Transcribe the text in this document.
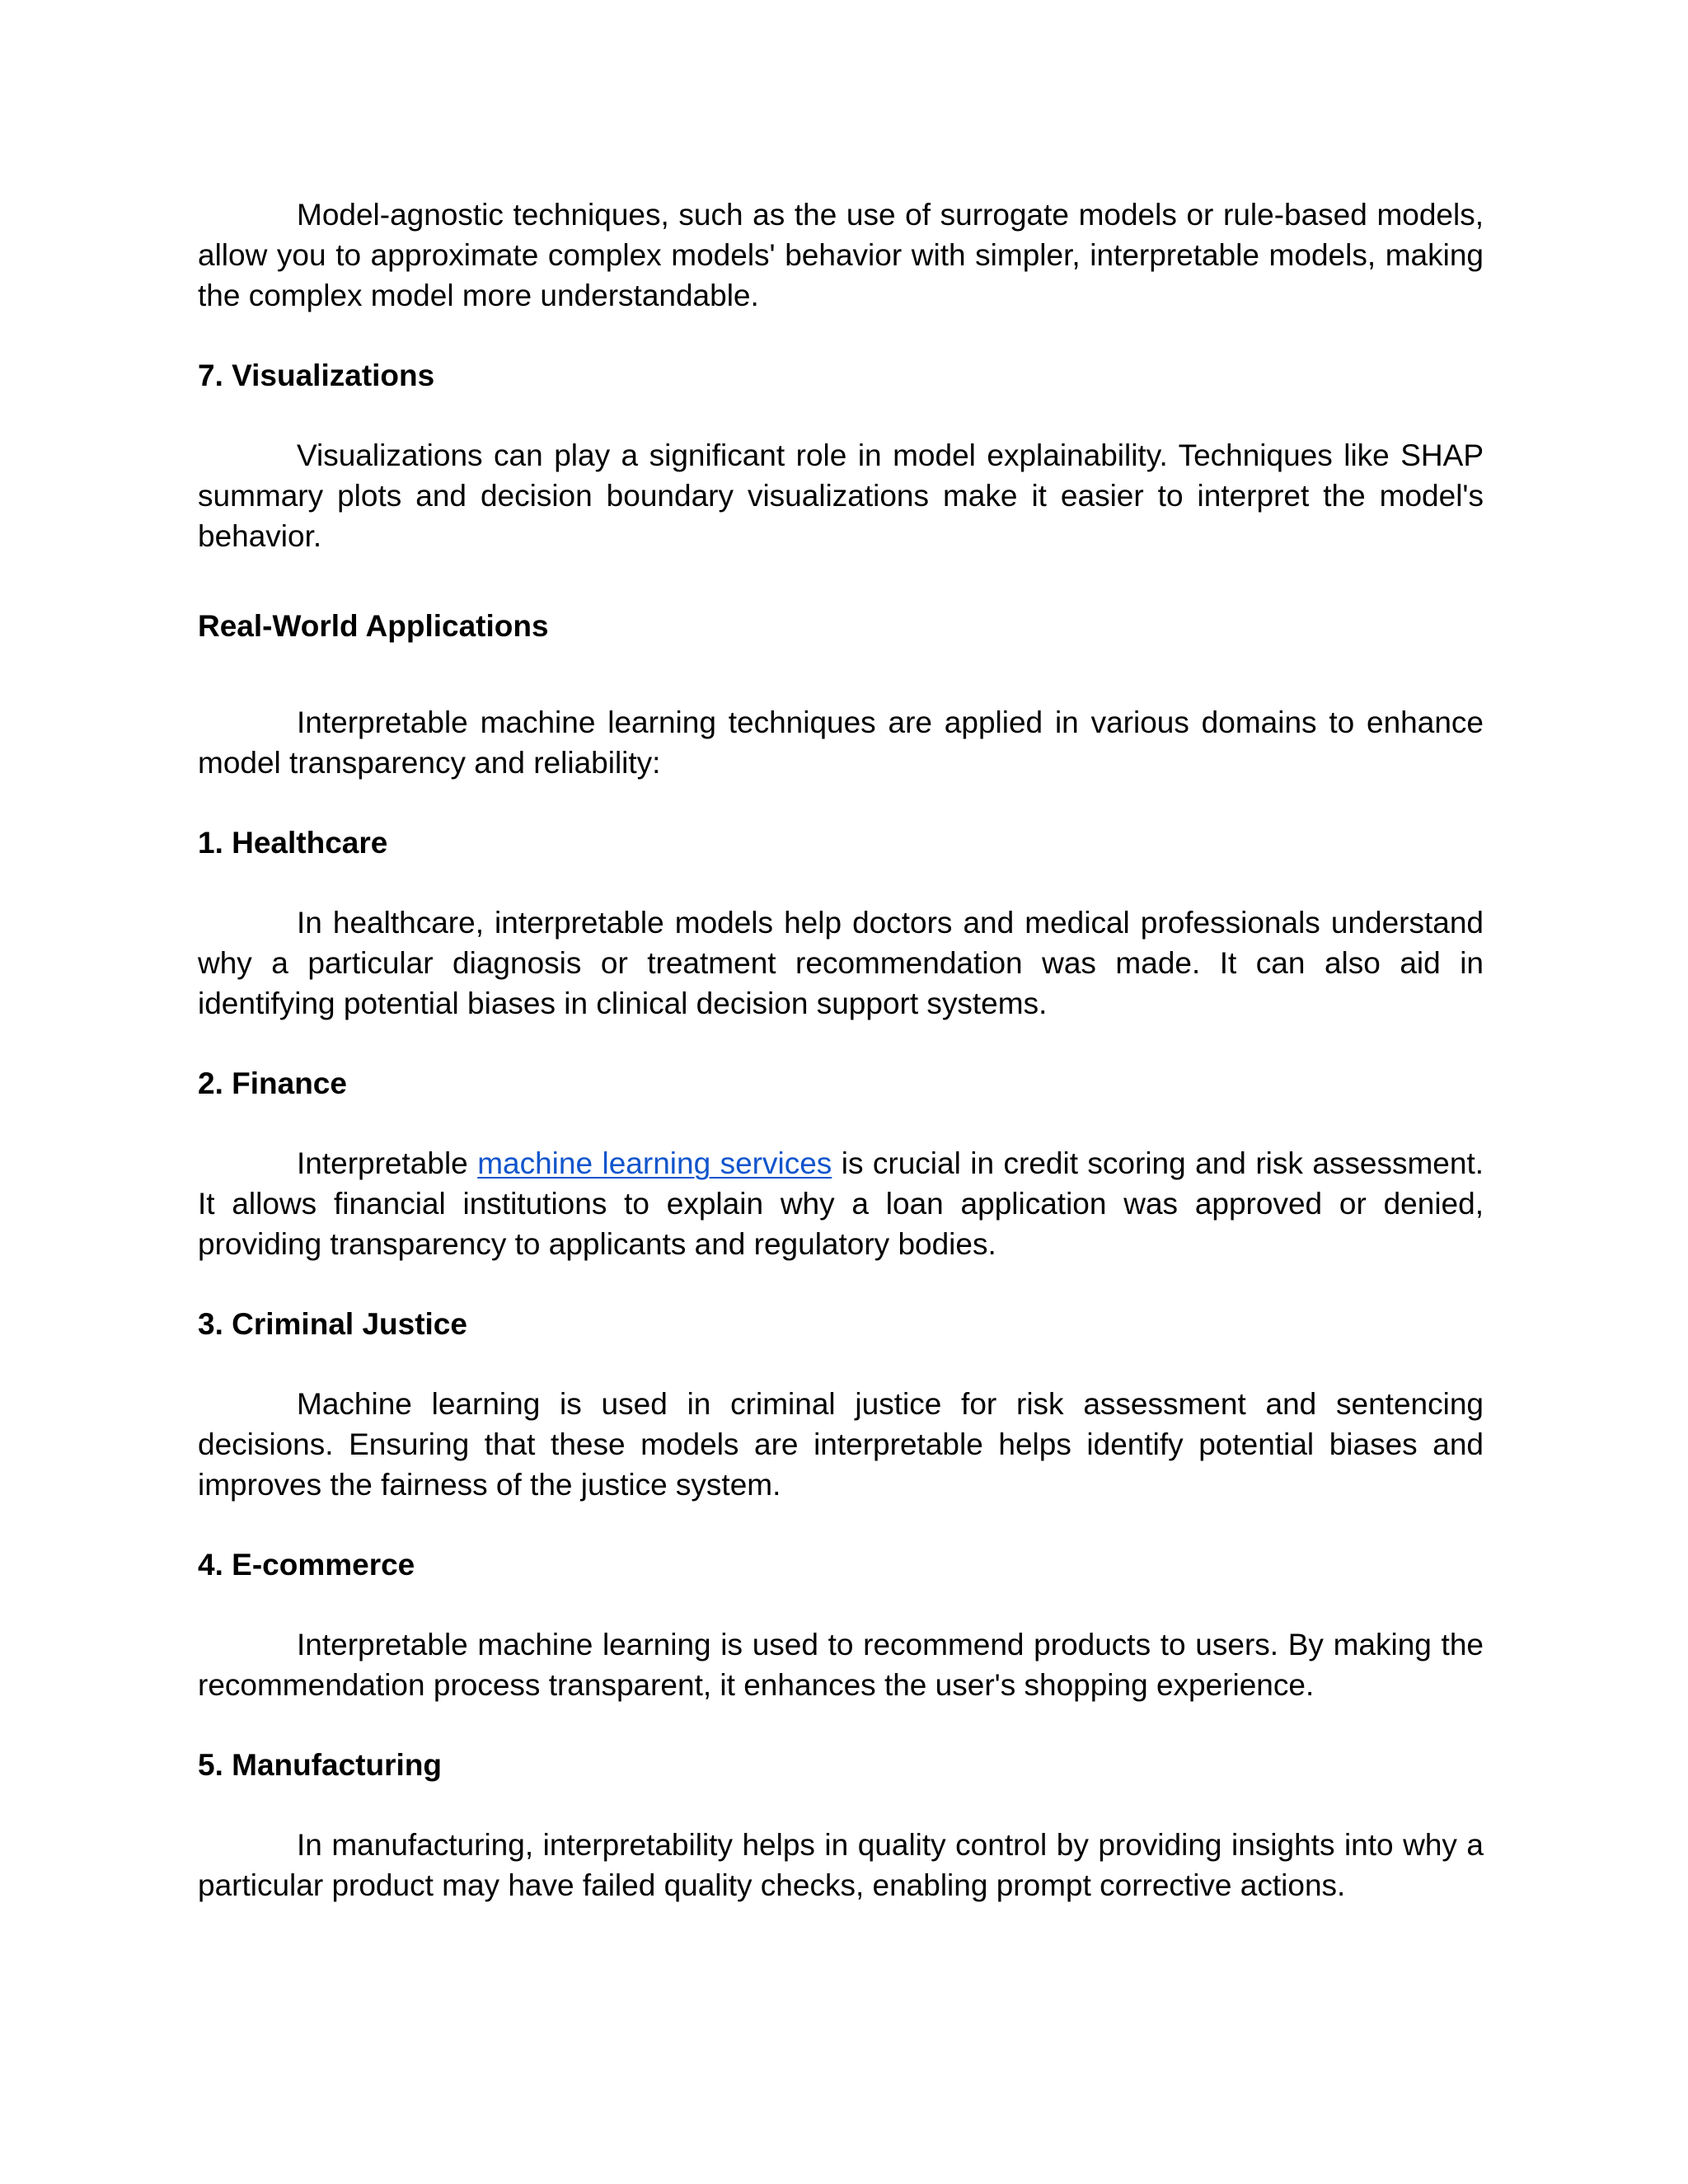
Model-agnostic techniques, such as the use of surrogate models or rule-based models, allow you to approximate complex models' behavior with simpler, interpretable models, making the complex model more understandable.

7. Visualizations

Visualizations can play a significant role in model explainability. Techniques like SHAP summary plots and decision boundary visualizations make it easier to interpret the model's behavior.

Real-World Applications

Interpretable machine learning techniques are applied in various domains to enhance model transparency and reliability:

1. Healthcare

In healthcare, interpretable models help doctors and medical professionals understand why a particular diagnosis or treatment recommendation was made. It can also aid in identifying potential biases in clinical decision support systems.

2. Finance

Interpretable machine learning services is crucial in credit scoring and risk assessment. It allows financial institutions to explain why a loan application was approved or denied, providing transparency to applicants and regulatory bodies.

3. Criminal Justice

Machine learning is used in criminal justice for risk assessment and sentencing decisions. Ensuring that these models are interpretable helps identify potential biases and improves the fairness of the justice system.

4. E-commerce

Interpretable machine learning is used to recommend products to users. By making the recommendation process transparent, it enhances the user's shopping experience.

5. Manufacturing

In manufacturing, interpretability helps in quality control by providing insights into why a particular product may have failed quality checks, enabling prompt corrective actions.
